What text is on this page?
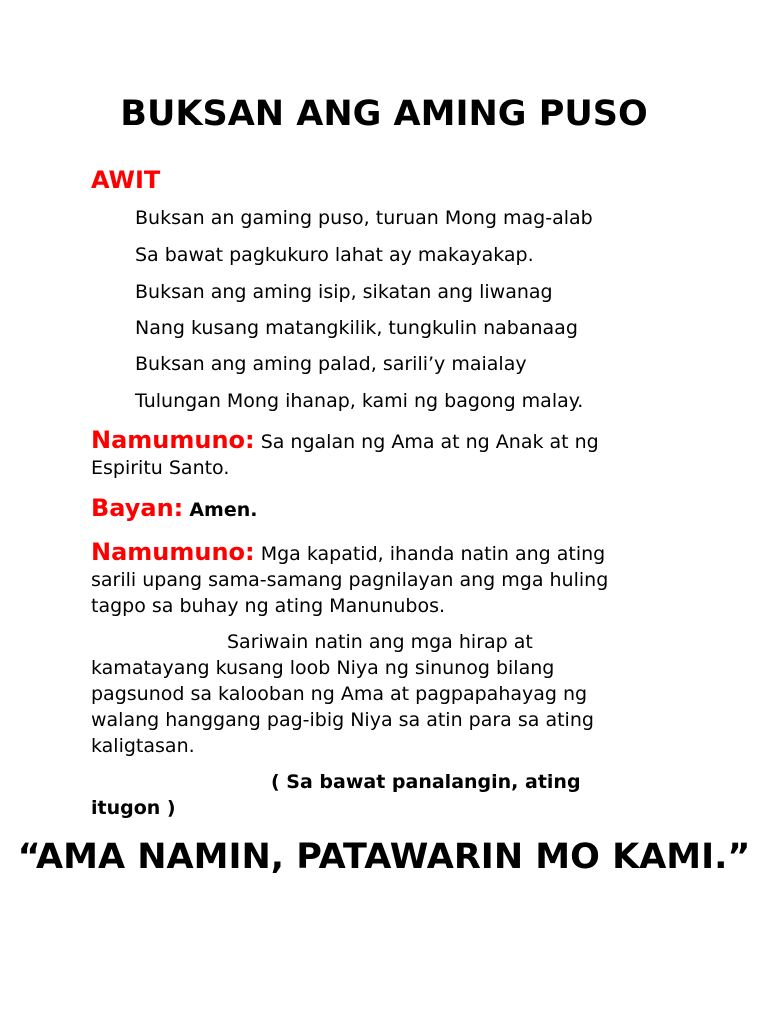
BUKSAN ANG AMING PUSO
AWIT

Buksan an gaming puso, turuan Mong mag-alab

Sa bawat pagkukuro lahat ay makayakap.

Buksan ang aming isip, sikatan ang liwanag

Nang kusang matangkilik, tungkulin nabanaag

Buksan ang aming palad, sarili’y maialay

Tulungan Mong ihanap, kami ng bagong malay.

Namumuno: Sa ngalan ng Ama at ng Anak at ng Espiritu Santo.

Bayan: Amen.

Namumuno: Mga kapatid, ihanda natin ang ating sarili upang sama-samang pagnilayan ang mga huling tagpo sa buhay ng ating Manunubos.

Sariwain natin ang mga hirap at kamatayang kusang loob Niya ng sinunog bilang pagsunod sa kalooban ng Ama at pagpapahayag ng walang hanggang pag-ibig Niya sa atin para sa ating kaligtasan.

( Sa bawat panalangin, ating itugon )

“AMA NAMIN, PATAWARIN MO KAMI.”
